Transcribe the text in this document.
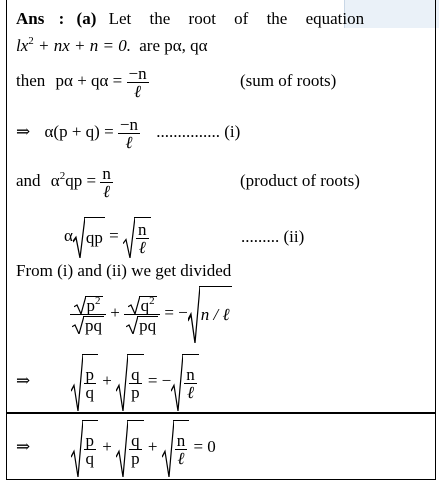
Ans : (a) Let the root of the equation
$lx^2$ + nx + n = 0. are pα, qα
then $p\alpha + q\alpha = \frac{-n}{\text{ℓ}}$	(sum of roots)
⇒ $\alpha(p + q) = \frac{-n}{\text{ℓ}}$ ............... (i)
and $\alpha^2qp = \frac{n}{\text{ℓ}}$	(product of roots)
α qp = $\frac{n}{\text{ℓ}}$	......... (ii)
From (i) and (ii) we get divided
$\frac{p^2}{pq} + \frac{q^2}{pq}$ = − n / ℓ
⇒	$\frac{p}{q} + \frac{q}{p}$ = − $\frac{n}{\text{ℓ}}$
⇒	$\frac{p}{q} + \frac{q}{p} + \frac{n}{\text{ℓ}} = 0$
